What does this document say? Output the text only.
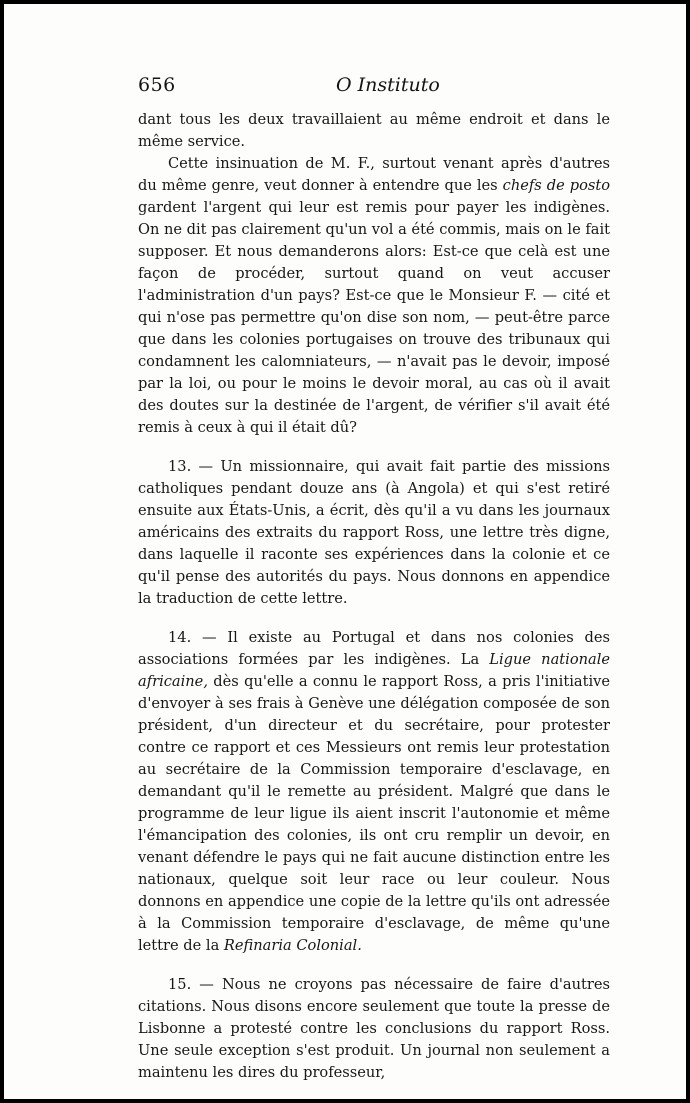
656	O Instituto

dant tous les deux travaillaient au même endroit et dans le même service.

Cette insinuation de M. F., surtout venant après d'autres du même genre, veut donner à entendre que les chefs de posto gardent l'argent qui leur est remis pour payer les indigènes. On ne dit pas clairement qu'un vol a été commis, mais on le fait supposer. Et nous demanderons alors: Est-ce que celà est une façon de procéder, surtout quand on veut accuser l'administration d'un pays? Est-ce que le Monsieur F. — cité et qui n'ose pas permettre qu'on dise son nom, — peut-être parce que dans les colonies portugaises on trouve des tribunaux qui condamnent les calomniateurs, — n'avait pas le devoir, imposé par la loi, ou pour le moins le devoir moral, au cas où il avait des doutes sur la destinée de l'argent, de vérifier s'il avait été remis à ceux à qui il était dû?

13. — Un missionnaire, qui avait fait partie des missions catholiques pendant douze ans (à Angola) et qui s'est retiré ensuite aux États-Unis, a écrit, dès qu'il a vu dans les journaux américains des extraits du rapport Ross, une lettre très digne, dans laquelle il raconte ses expériences dans la colonie et ce qu'il pense des autorités du pays. Nous donnons en appendice la traduction de cette lettre.

14. — Il existe au Portugal et dans nos colonies des associations formées par les indigènes. La Ligue nationale africaine, dès qu'elle a connu le rapport Ross, a pris l'initiative d'envoyer à ses frais à Genève une délégation composée de son président, d'un directeur et du secrétaire, pour protester contre ce rapport et ces Messieurs ont remis leur protestation au secrétaire de la Commission temporaire d'esclavage, en demandant qu'il le remette au président. Malgré que dans le programme de leur ligue ils aient inscrit l'autonomie et même l'émancipation des colonies, ils ont cru remplir un devoir, en venant défendre le pays qui ne fait aucune distinction entre les nationaux, quelque soit leur race ou leur couleur. Nous donnons en appendice une copie de la lettre qu'ils ont adressée à la Commission temporaire d'esclavage, de même qu'une lettre de la Refinaria Colonial.

15. — Nous ne croyons pas nécessaire de faire d'autres citations. Nous disons encore seulement que toute la presse de Lisbonne a protesté contre les conclusions du rapport Ross. Une seule exception s'est produit. Un journal non seulement a maintenu les dires du professeur,
